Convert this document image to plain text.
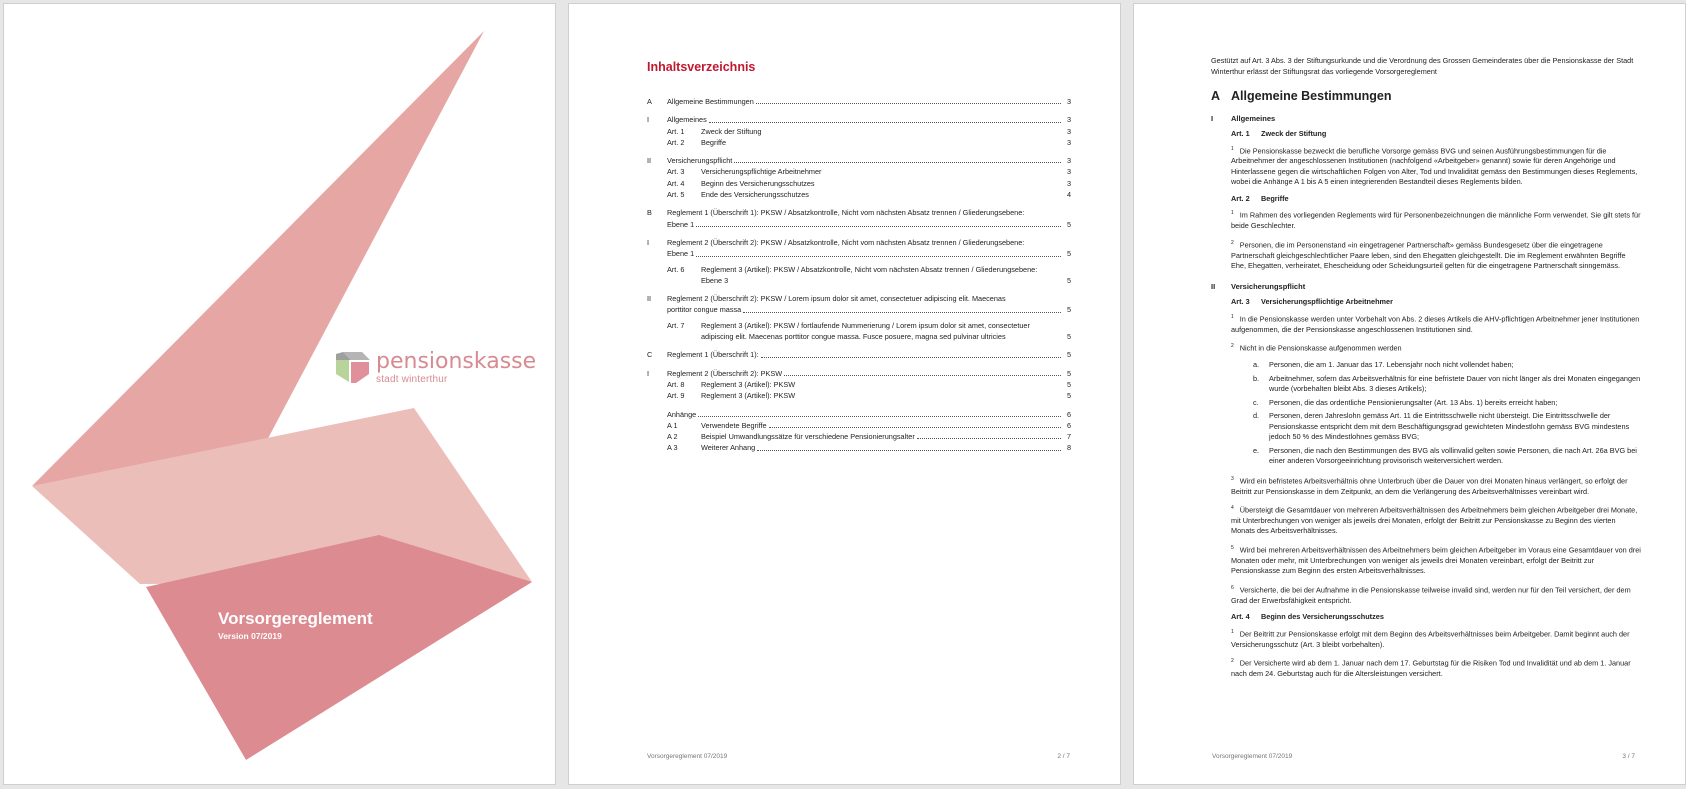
pensionskasse
stadt winterthur
Vorsorgereglement
Version 07/2019
Inhaltsverzeichnis
A	Allgemeine Bestimmungen	3
I	Allgemeines	3
Art. 1	Zweck der Stiftung	3
Art. 2	Begriffe	3
II	Versicherungspflicht	3
Art. 3	Versicherungspflichtige Arbeitnehmer	3
Art. 4	Beginn des Versicherungsschutzes	3
Art. 5	Ende des Versicherungsschutzes	4
B	Reglement 1 (Überschrift 1): PKSW / Absatzkontrolle, Nicht vom nächsten Absatz trennen / Gliederungsebene:
Ebene 1	5
I	Reglement 2 (Überschrift 2): PKSW / Absatzkontrolle, Nicht vom nächsten Absatz trennen / Gliederungsebene:
Ebene 1	5
Art. 6	Reglement 3 (Artikel): PKSW / Absatzkontrolle, Nicht vom nächsten Absatz trennen / Gliederungsebene:
Ebene 3	5
II	Reglement 2 (Überschrift 2): PKSW / Lorem ipsum dolor sit amet, consectetuer adipiscing elit. Maecenas
porttitor congue massa	5
Art. 7	Reglement 3 (Artikel): PKSW / fortlaufende Nummerierung / Lorem ipsum dolor sit amet, consectetuer
adipiscing elit. Maecenas porttitor congue massa. Fusce posuere, magna sed pulvinar ultricies	5
C	Reglement 1 (Überschrift 1):	5
I	Reglement 2 (Überschrift 2): PKSW	5
Art. 8	Reglement 3 (Artikel): PKSW	5
Art. 9	Reglement 3 (Artikel): PKSW	5
Anhänge	6
A 1	Verwendete Begriffe	6
A 2	Beispiel Umwandlungssätze für verschiedene Pensionierungsalter	7
A 3	Weiterer Anhang	8
Vorsorgereglement 07/2019	2 / 7

Gestützt auf Art. 3 Abs. 3 der Stiftungsurkunde und die Verordnung des Grossen Gemeinderates über die Pensionskasse der Stadt Winterthur erlässt der Stiftungsrat das vorliegende Vorsorgereglement

A Allgemeine Bestimmungen
I	Allgemeines
Art. 1	Zweck der Stiftung

$^1$ Die Pensionskasse bezweckt die berufliche Vorsorge gemäss BVG und seinen Ausführungsbestimmungen für die Arbeitnehmer der angeschlossenen Institutionen (nachfolgend «Arbeitgeber» genannt) sowie für deren Angehörige und Hinterlassene gegen die wirtschaftlichen Folgen von Alter, Tod und Invalidität gemäss den Bestimmungen dieses Reglements, wobei die Anhänge A 1 bis A 5 einen integrierenden Bestandteil dieses Reglements bilden.

Art. 2	Begriffe

$^1$ Im Rahmen des vorliegenden Reglements wird für Personenbezeichnungen die männliche Form verwendet. Sie gilt stets für beide Geschlechter.

$^2$ Personen, die im Personenstand «in eingetragener Partnerschaft» gemäss Bundesgesetz über die eingetragene Partnerschaft gleichgeschlechtlicher Paare leben, sind den Ehegatten gleichgestellt. Die im Reglement erwähnten Begriffe Ehe, Ehegatten, verheiratet, Ehescheidung oder Scheidungsurteil gelten für die eingetragene Partnerschaft sinngemäss.

II	Versicherungspflicht
Art. 3	Versicherungspflichtige Arbeitnehmer

$^1$ In die Pensionskasse werden unter Vorbehalt von Abs. 2 dieses Artikels die AHV-pflichtigen Arbeitnehmer jener Institutionen aufgenommen, die der Pensionskasse angeschlossenen Institutionen sind.

$^2$ Nicht in die Pensionskasse aufgenommen werden

a.	Personen, die am 1. Januar das 17. Lebensjahr noch nicht vollendet haben;
b.	Arbeitnehmer, sofern das Arbeitsverhältnis für eine befristete Dauer von nicht länger als drei Monaten eingegangen wurde (vorbehalten bleibt Abs. 3 dieses Artikels);
c.	Personen, die das ordentliche Pensionierungsalter (Art. 13 Abs. 1) bereits erreicht haben;
d.	Personen, deren Jahreslohn gemäss Art. 11 die Eintrittsschwelle nicht übersteigt. Die Eintrittsschwelle der Pensionskasse entspricht dem mit dem Beschäftigungsgrad gewichteten Mindestlohn gemäss BVG mindestens jedoch 50 % des Mindestlohnes gemäss BVG;
e.	Personen, die nach den Bestimmungen des BVG als vollinvalid gelten sowie Personen, die nach Art. 26a BVG bei einer anderen Vorsorgeeinrichtung provisorisch weiterversichert werden.

$^3$ Wird ein befristetes Arbeitsverhältnis ohne Unterbruch über die Dauer von drei Monaten hinaus verlängert, so erfolgt der Beitritt zur Pensionskasse in dem Zeitpunkt, an dem die Verlängerung des Arbeitsverhältnisses vereinbart wird.

$^4$ Übersteigt die Gesamtdauer von mehreren Arbeitsverhältnissen des Arbeitnehmers beim gleichen Arbeitgeber drei Monate, mit Unterbrechungen von weniger als jeweils drei Monaten, erfolgt der Beitritt zur Pensionskasse zu Beginn des vierten Monats des Arbeitsverhältnisses.

$^5$ Wird bei mehreren Arbeitsverhältnissen des Arbeitnehmers beim gleichen Arbeitgeber im Voraus eine Gesamtdauer von drei Monaten oder mehr, mit Unterbrechungen von weniger als jeweils drei Monaten vereinbart, erfolgt der Beitritt zur Pensionskasse zum Beginn des ersten Arbeitsverhältnisses.

$^6$ Versicherte, die bei der Aufnahme in die Pensionskasse teilweise invalid sind, werden nur für den Teil versichert, der dem Grad der Erwerbsfähigkeit entspricht.

Art. 4	Beginn des Versicherungsschutzes

$^1$ Der Beitritt zur Pensionskasse erfolgt mit dem Beginn des Arbeitsverhältnisses beim Arbeitgeber. Damit beginnt auch der Versicherungsschutz (Art. 3 bleibt vorbehalten).

$^2$ Der Versicherte wird ab dem 1. Januar nach dem 17. Geburtstag für die Risiken Tod und Invalidität und ab dem 1. Januar nach dem 24. Geburtstag auch für die Altersleistungen versichert.

Vorsorgereglement 07/2019	3 / 7
